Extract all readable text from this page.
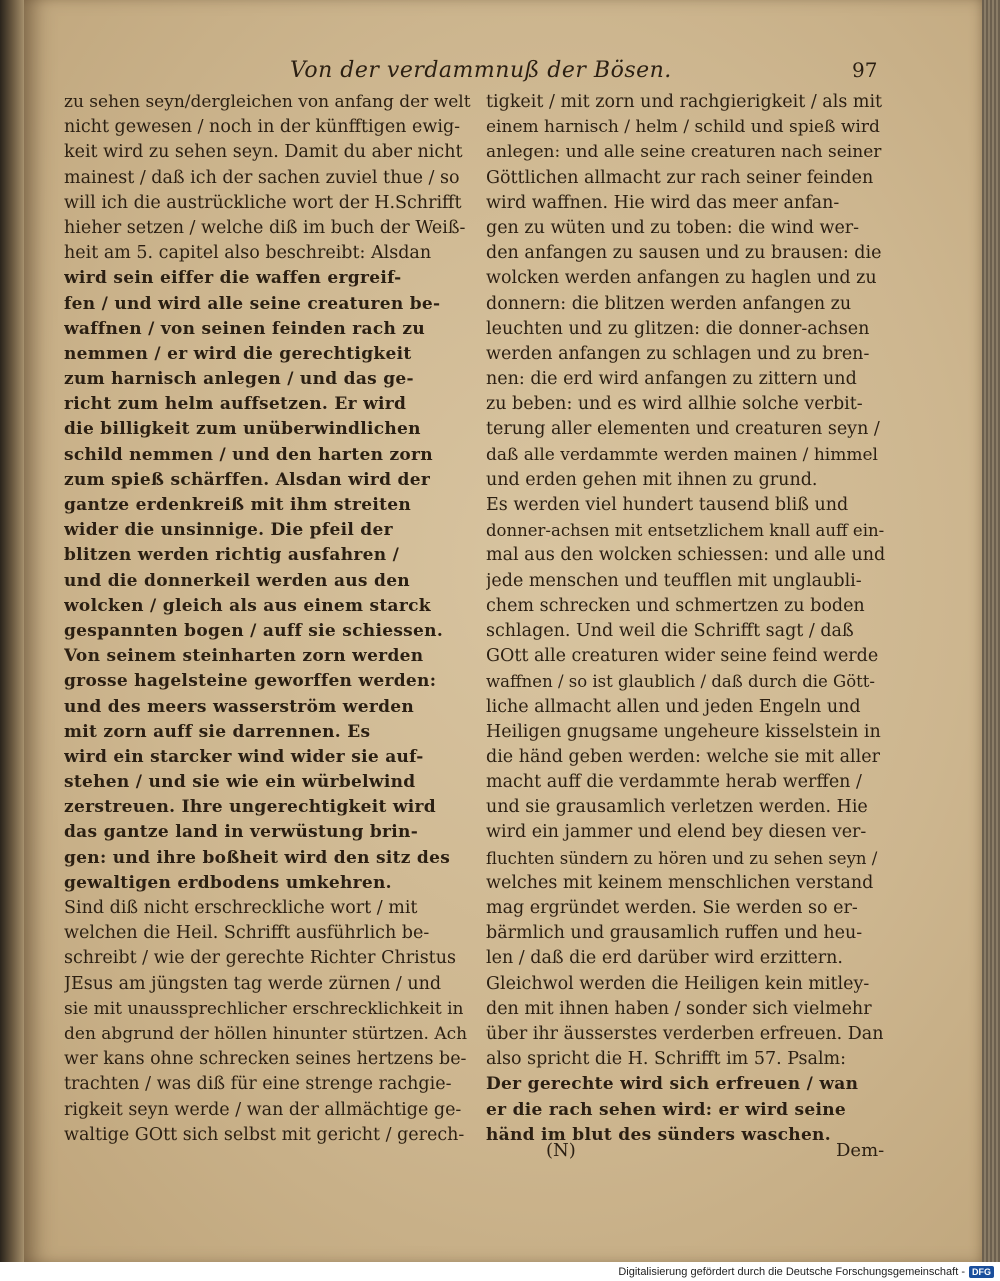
Von der verdammnuß der Bösen.	97
zu sehen seyn/dergleichen von anfang der welt
nicht gewesen / noch in der künfftigen ewig-
keit wird zu sehen seyn. Damit du aber nicht
mainest / daß ich der sachen zuviel thue / so
will ich die austrückliche wort der H.Schrifft
hieher setzen / welche diß im buch der Weiß-
heit am 5. capitel also beschreibt: Alsdan
wird sein eiffer die waffen ergreif-
fen / und wird alle seine creaturen be-
waffnen / von seinen feinden rach zu
nemmen / er wird die gerechtigkeit
zum harnisch anlegen / und das ge-
richt zum helm auffsetzen. Er wird
die billigkeit zum unüberwindlichen
schild nemmen / und den harten zorn
zum spieß schärffen. Alsdan wird der
gantze erdenkreiß mit ihm streiten
wider die unsinnige. Die pfeil der
blitzen werden richtig ausfahren /
und die donnerkeil werden aus den
wolcken / gleich als aus einem starck
gespannten bogen / auff sie schiessen.
Von seinem steinharten zorn werden
grosse hagelsteine geworffen werden:
und des meers wasserström werden
mit zorn auff sie darrennen. Es
wird ein starcker wind wider sie auf-
stehen / und sie wie ein würbelwind
zerstreuen. Ihre ungerechtigkeit wird
das gantze land in verwüstung brin-
gen: und ihre boßheit wird den sitz des
gewaltigen erdbodens umkehren.
Sind diß nicht erschreckliche wort / mit
welchen die Heil. Schrifft ausführlich be-
schreibt / wie der gerechte Richter Christus
JEsus am jüngsten tag werde zürnen / und
sie mit unaussprechlicher erschrecklichkeit in
den abgrund der höllen hinunter stürtzen. Ach
wer kans ohne schrecken seines hertzens be-
trachten / was diß für eine strenge rachgie-
rigkeit seyn werde / wan der allmächtige ge-
waltige GOtt sich selbst mit gericht / gerech-
tigkeit / mit zorn und rachgierigkeit / als mit
einem harnisch / helm / schild und spieß wird
anlegen: und alle seine creaturen nach seiner
Göttlichen allmacht zur rach seiner feinden
wird waffnen. Hie wird das meer anfan-
gen zu wüten und zu toben: die wind wer-
den anfangen zu sausen und zu brausen: die
wolcken werden anfangen zu haglen und zu
donnern: die blitzen werden anfangen zu
leuchten und zu glitzen: die donner-achsen
werden anfangen zu schlagen und zu bren-
nen: die erd wird anfangen zu zittern und
zu beben: und es wird allhie solche verbit-
terung aller elementen und creaturen seyn /
daß alle verdammte werden mainen / himmel
und erden gehen mit ihnen zu grund.
Es werden viel hundert tausend bliß und
donner-achsen mit entsetzlichem knall auff ein-
mal aus den wolcken schiessen: und alle und
jede menschen und teufflen mit unglaubli-
chem schrecken und schmertzen zu boden
schlagen. Und weil die Schrifft sagt / daß
GOtt alle creaturen wider seine feind werde
waffnen / so ist glaublich / daß durch die Gött-
liche allmacht allen und jeden Engeln und
Heiligen gnugsame ungeheure kisselstein in
die händ geben werden: welche sie mit aller
macht auff die verdammte herab werffen /
und sie grausamlich verletzen werden. Hie
wird ein jammer und elend bey diesen ver-
fluchten sündern zu hören und zu sehen seyn /
welches mit keinem menschlichen verstand
mag ergründet werden. Sie werden so er-
bärmlich und grausamlich ruffen und heu-
len / daß die erd darüber wird erzittern.
Gleichwol werden die Heiligen kein mitley-
den mit ihnen haben / sonder sich vielmehr
über ihr äusserstes verderben erfreuen. Dan
also spricht die H. Schrifft im 57. Psalm:
Der gerechte wird sich erfreuen / wan
er die rach sehen wird: er wird seine
händ im blut des sünders waschen.
(N)	Dem-
Digitalisierung gefördert durch die Deutsche Forschungsgemeinschaft - DFG
